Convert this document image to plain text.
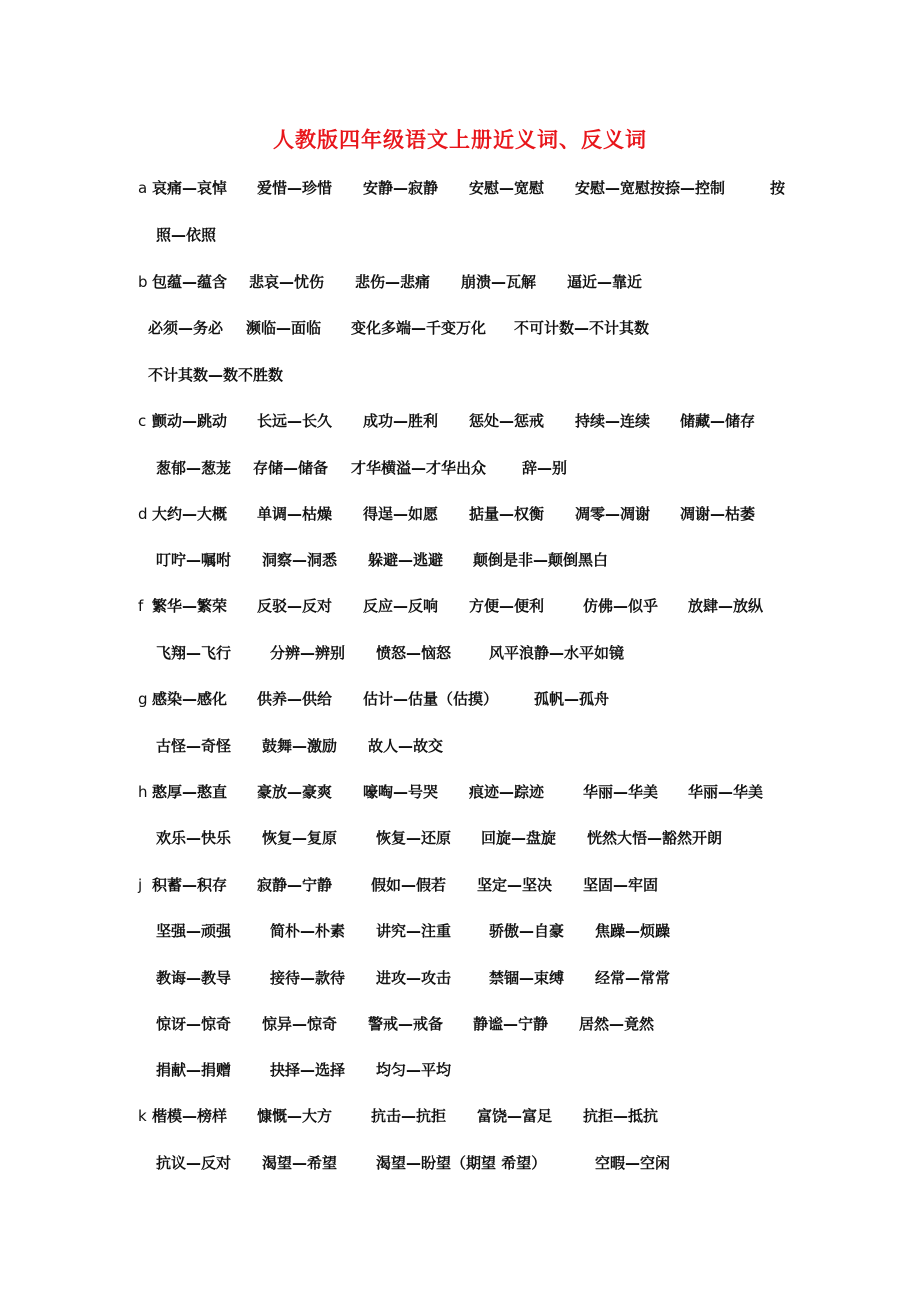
人教版四年级语文上册近义词、反义词
a 哀痛—哀悼 爱惜—珍惜 安静—寂静 安慰—宽慰 安慰—宽慰按捺—控制	按
照—依照
b 包蕴—蕴含 悲哀—忧伤 悲伤—悲痛 崩溃—瓦解 逼近—靠近
必须—务必 濒临—面临 变化多端—千变万化 不可计数—不计其数
不计其数—数不胜数
c 颤动—跳动 长远—长久 成功—胜利 惩处—惩戒 持续—连续 储藏—储存
葱郁—葱茏 存储—储备 才华横溢—才华出众 辞—别
d 大约—大概 单调—枯燥 得逞—如愿 掂量—权衡 凋零—凋谢 凋谢—枯萎
叮咛—嘱咐 洞察—洞悉 躲避—逃避 颠倒是非—颠倒黑白
f 繁华—繁荣 反驳—反对 反应—反响 方便—便利	仿佛—似乎 放肆—放纵
飞翔—飞行	分辨—辨别 愤怒—恼怒	风平浪静—水平如镜
g 感染—感化 供养—供给 估计—估量（估摸） 孤帆—孤舟
古怪—奇怪 鼓舞—激励 故人—故交
h 憨厚—憨直 豪放—豪爽 嚎啕—号哭 痕迹—踪迹	华丽—华美 华丽—华美
欢乐—快乐 恢复—复原	恢复—还原 回旋—盘旋 恍然大悟—豁然开朗
j 积蓄—积存 寂静—宁静	假如—假若 坚定—坚决 坚固—牢固
坚强—顽强	简朴—朴素 讲究—注重	骄傲—自豪 焦躁—烦躁
教诲—教导	接待—款待 进攻—攻击	禁锢—束缚 经常—常常
惊讶—惊奇 惊异—惊奇 警戒—戒备 静谧—宁静 居然—竟然
捐献—捐赠	抉择—选择 均匀—平均
k 楷模—榜样 慷慨—大方	抗击—抗拒 富饶—富足 抗拒—抵抗
抗议—反对 渴望—希望	渴望—盼望（期望 希望）	空暇—空闲
